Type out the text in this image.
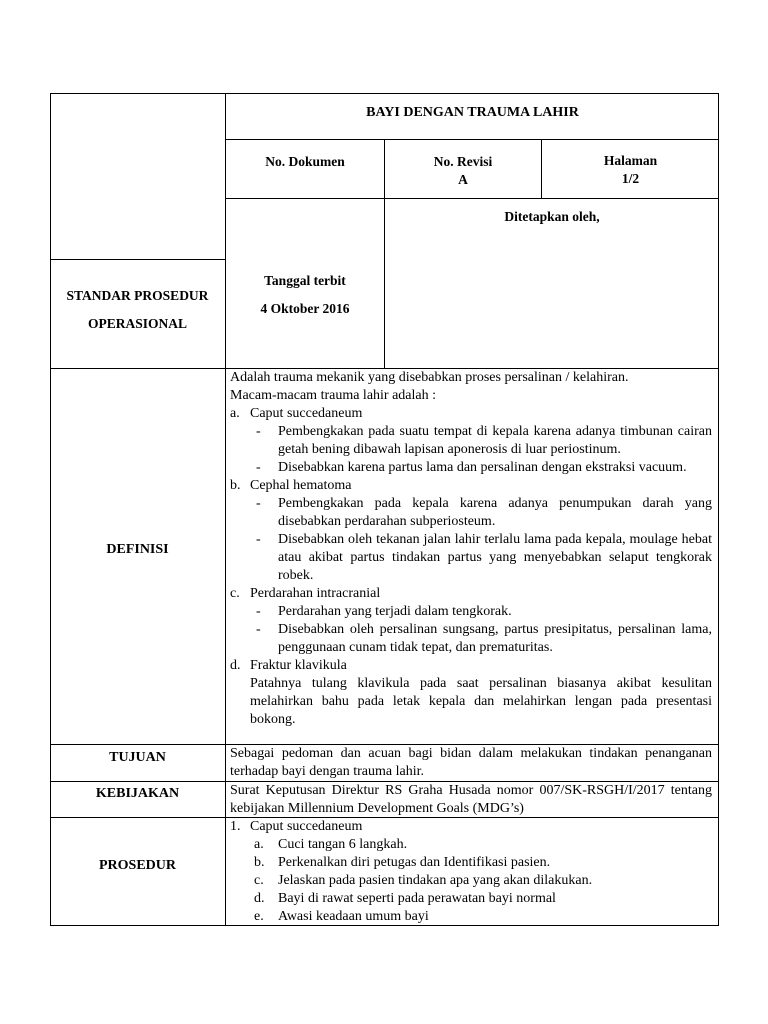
BAYI DENGAN TRAUMA LAHIR
No. Dokumen	No. Revisi
A
Halaman
1/2
Ditetapkan oleh,
Tanggal terbit
4 Oktober 2016
STANDAR PROSEDUR
OPERASIONAL
DEFINISI
TUJUAN
KEBIJAKAN
PROSEDUR

Adalah trauma mekanik yang disebabkan proses persalinan / kelahiran.

Macam-macam trauma lahir adalah :

a. Caput succedaneum

- Pembengkakan pada suatu tempat di kepala karena adanya timbunan cairan getah bening dibawah lapisan aponerosis di luar periostinum.

- Disebabkan karena partus lama dan persalinan dengan ekstraksi vacuum.

b. Cephal hematoma

- Pembengkakan pada kepala karena adanya penumpukan darah yang disebabkan perdarahan subperiosteum.

- Disebabkan oleh tekanan jalan lahir terlalu lama pada kepala, moulage hebat atau akibat partus tindakan partus yang menyebabkan selaput tengkorak robek.

c. Perdarahan intracranial

- Perdarahan yang terjadi dalam tengkorak.

- Disebabkan oleh persalinan sungsang, partus presipitatus, persalinan lama, penggunaan cunam tidak tepat, dan prematuritas.

d. Fraktur klavikula

Patahnya tulang klavikula pada saat persalinan biasanya akibat kesulitan melahirkan bahu pada letak kepala dan melahirkan lengan pada presentasi bokong.

Sebagai pedoman dan acuan bagi bidan dalam melakukan tindakan penanganan terhadap bayi dengan trauma lahir.
Surat Keputusan Direktur RS Graha Husada nomor 007/SK-RSGH/I/2017 tentang kebijakan Millennium Development Goals (MDG’s)

1. Caput succedaneum

a. Cuci tangan 6 langkah.

b. Perkenalkan diri petugas dan Identifikasi pasien.

c. Jelaskan pada pasien tindakan apa yang akan dilakukan.

d. Bayi di rawat seperti pada perawatan bayi normal

e. Awasi keadaan umum bayi
